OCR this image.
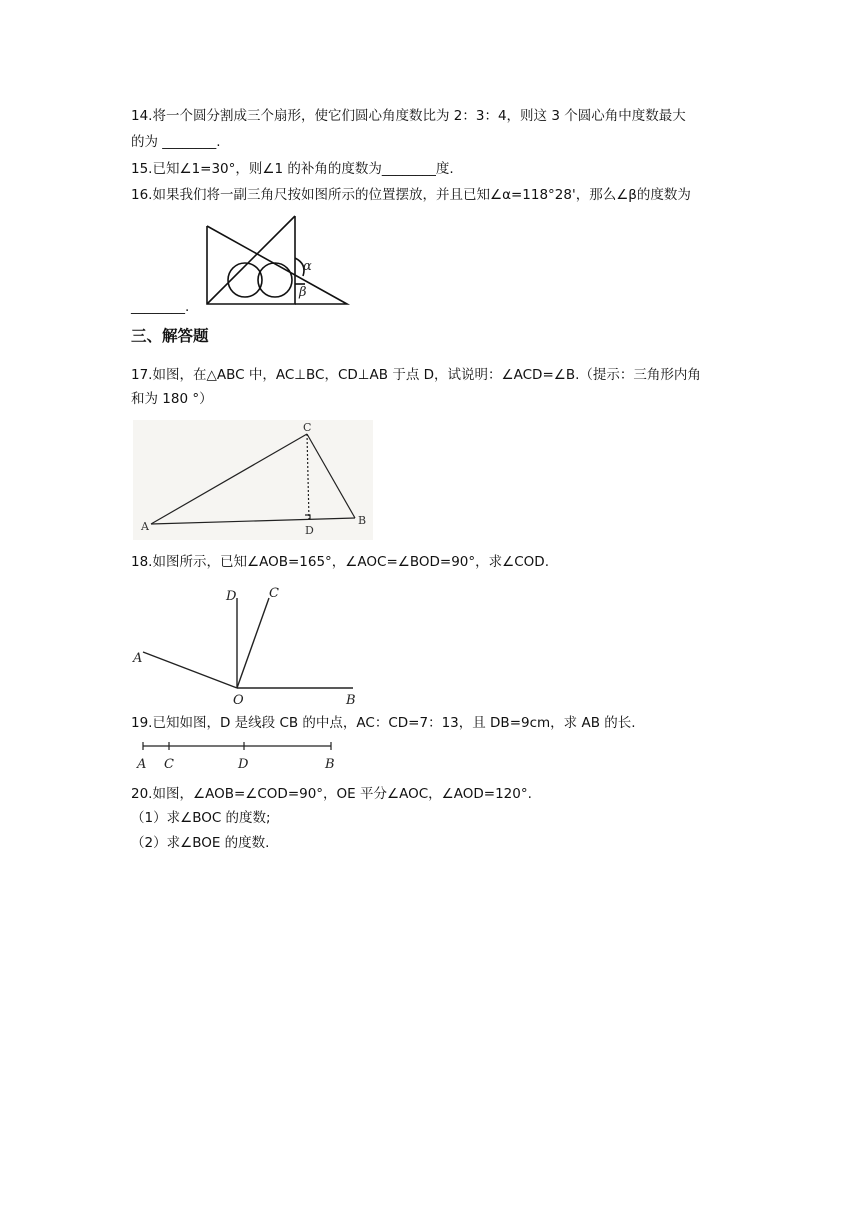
14.将一个圆分割成三个扇形，使它们圆心角度数比为 2：3：4，则这 3 个圆心角中度数最大
的为 ________.
15.已知∠1=30°，则∠1 的补角的度数为________度.
16.如果我们将一副三角尺按如图所示的位置摆放，并且已知∠α=118°28'，那么∠β的度数为
________.
α
β
三、解答题
17.如图，在△ABC 中，AC⊥BC，CD⊥AB 于点 D，试说明：∠ACD=∠B.（提示：三角形内角
和为 180 °）
A	B
C
D
18.如图所示，已知∠AOB=165°，∠AOC=∠BOD=90°，求∠COD.
A
B
C
D
O
19.已知如图，D 是线段 CB 的中点，AC：CD=7：13，且 DB=9cm，求 AB 的长.
A C	D	B
20.如图，∠AOB=∠COD=90°，OE 平分∠AOC，∠AOD=120°.
（1）求∠BOC 的度数;
（2）求∠BOE 的度数.
